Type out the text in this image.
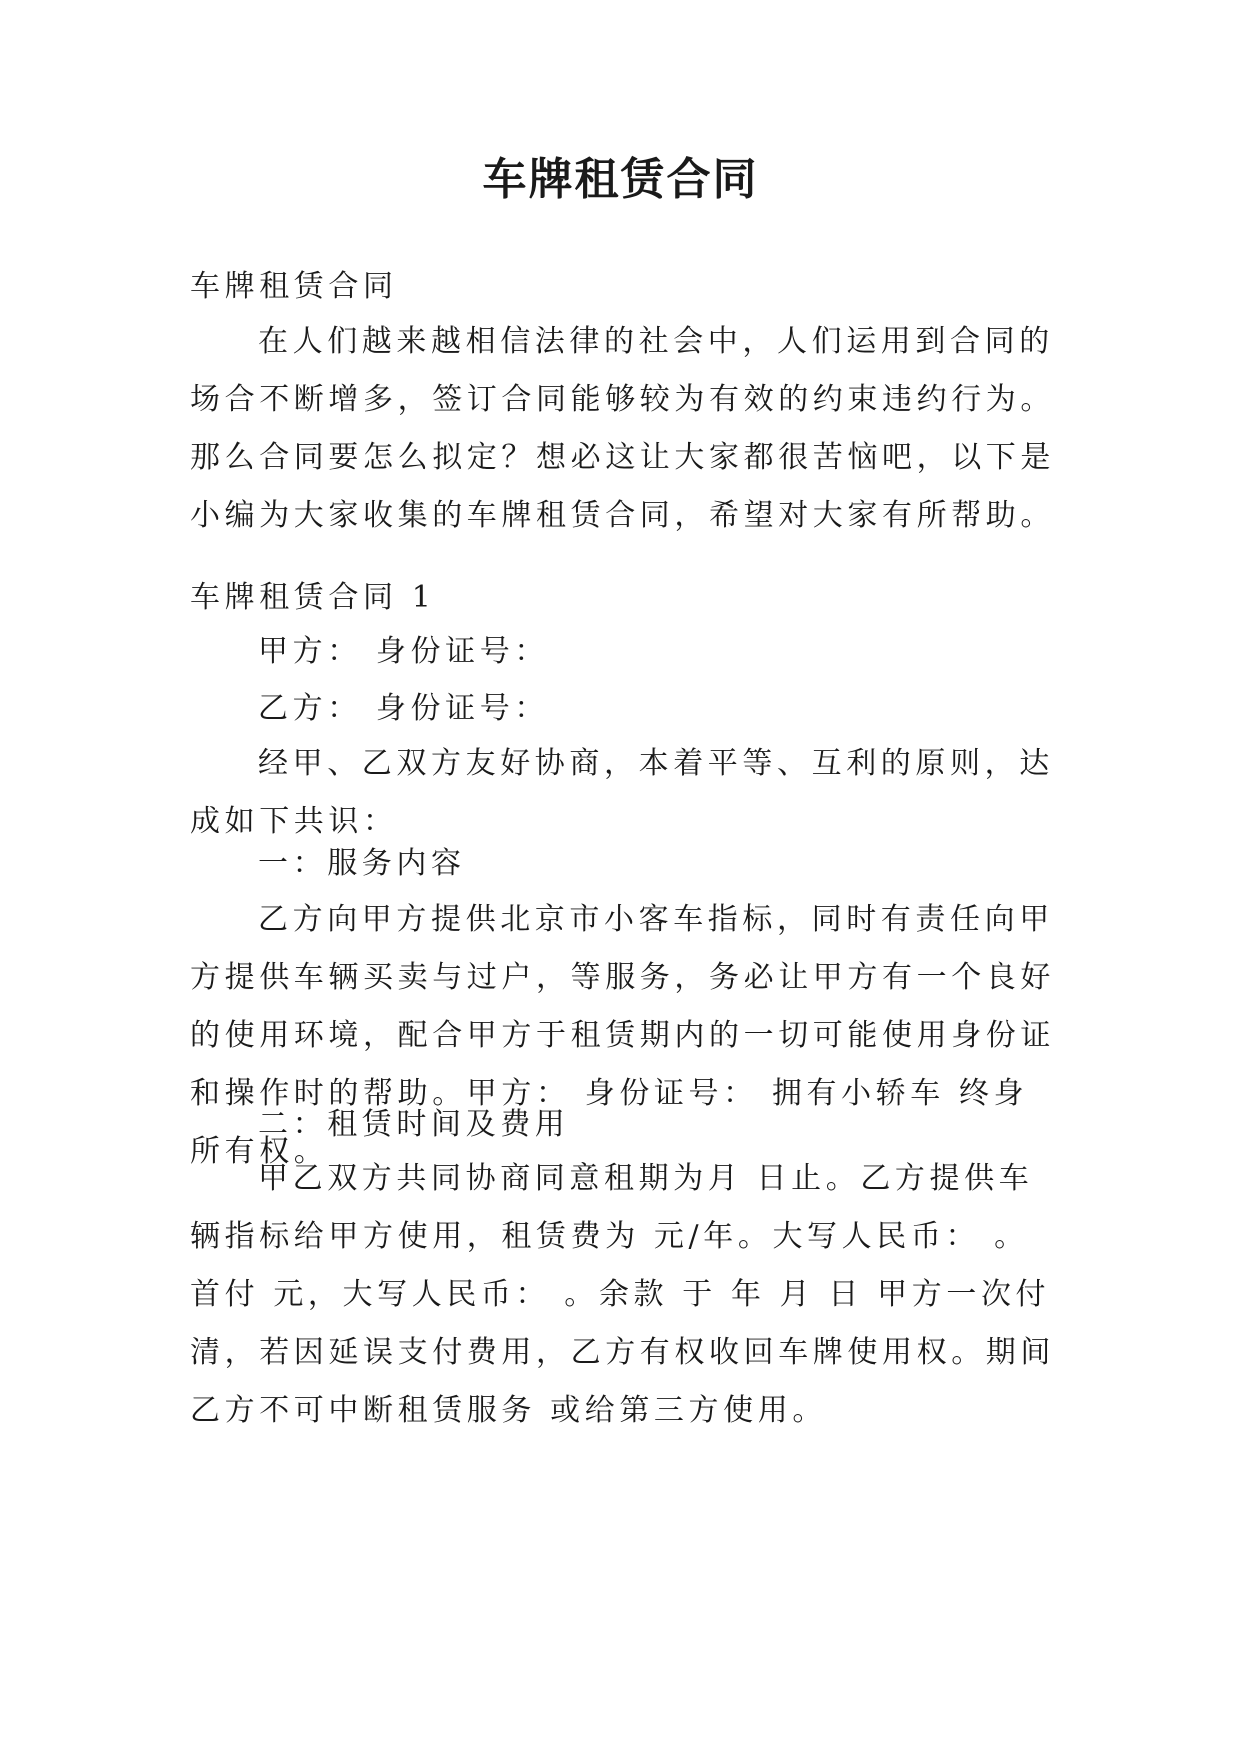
车牌租赁合同

车牌租赁合同

在人们越来越相信法律的社会中，人们运用到合同的场合不断增多，签订合同能够较为有效的约束违约行为。那么合同要怎么拟定？想必这让大家都很苦恼吧，以下是小编为大家收集的车牌租赁合同，希望对大家有所帮助。

车牌租赁合同 1

甲方： 身份证号：

乙方： 身份证号：

经甲、乙双方友好协商，本着平等、互利的原则，达成如下共识：

一：服务内容

乙方向甲方提供北京市小客车指标，同时有责任向甲方提供车辆买卖与过户，等服务，务必让甲方有一个良好的使用环境，配合甲方于租赁期内的一切可能使用身份证和操作时的帮助。甲方： 身份证号： 拥有小轿车 终身所有权。

二：租赁时间及费用

甲乙双方共同协商同意租期为月 日止。乙方提供车辆指标给甲方使用，租赁费为 元/年。大写人民币： 。 首付 元，大写人民币： 。余款 于 年 月 日 甲方一次付清，若因延误支付费用，乙方有权收回车牌使用权。期间乙方不可中断租赁服务 或给第三方使用。
